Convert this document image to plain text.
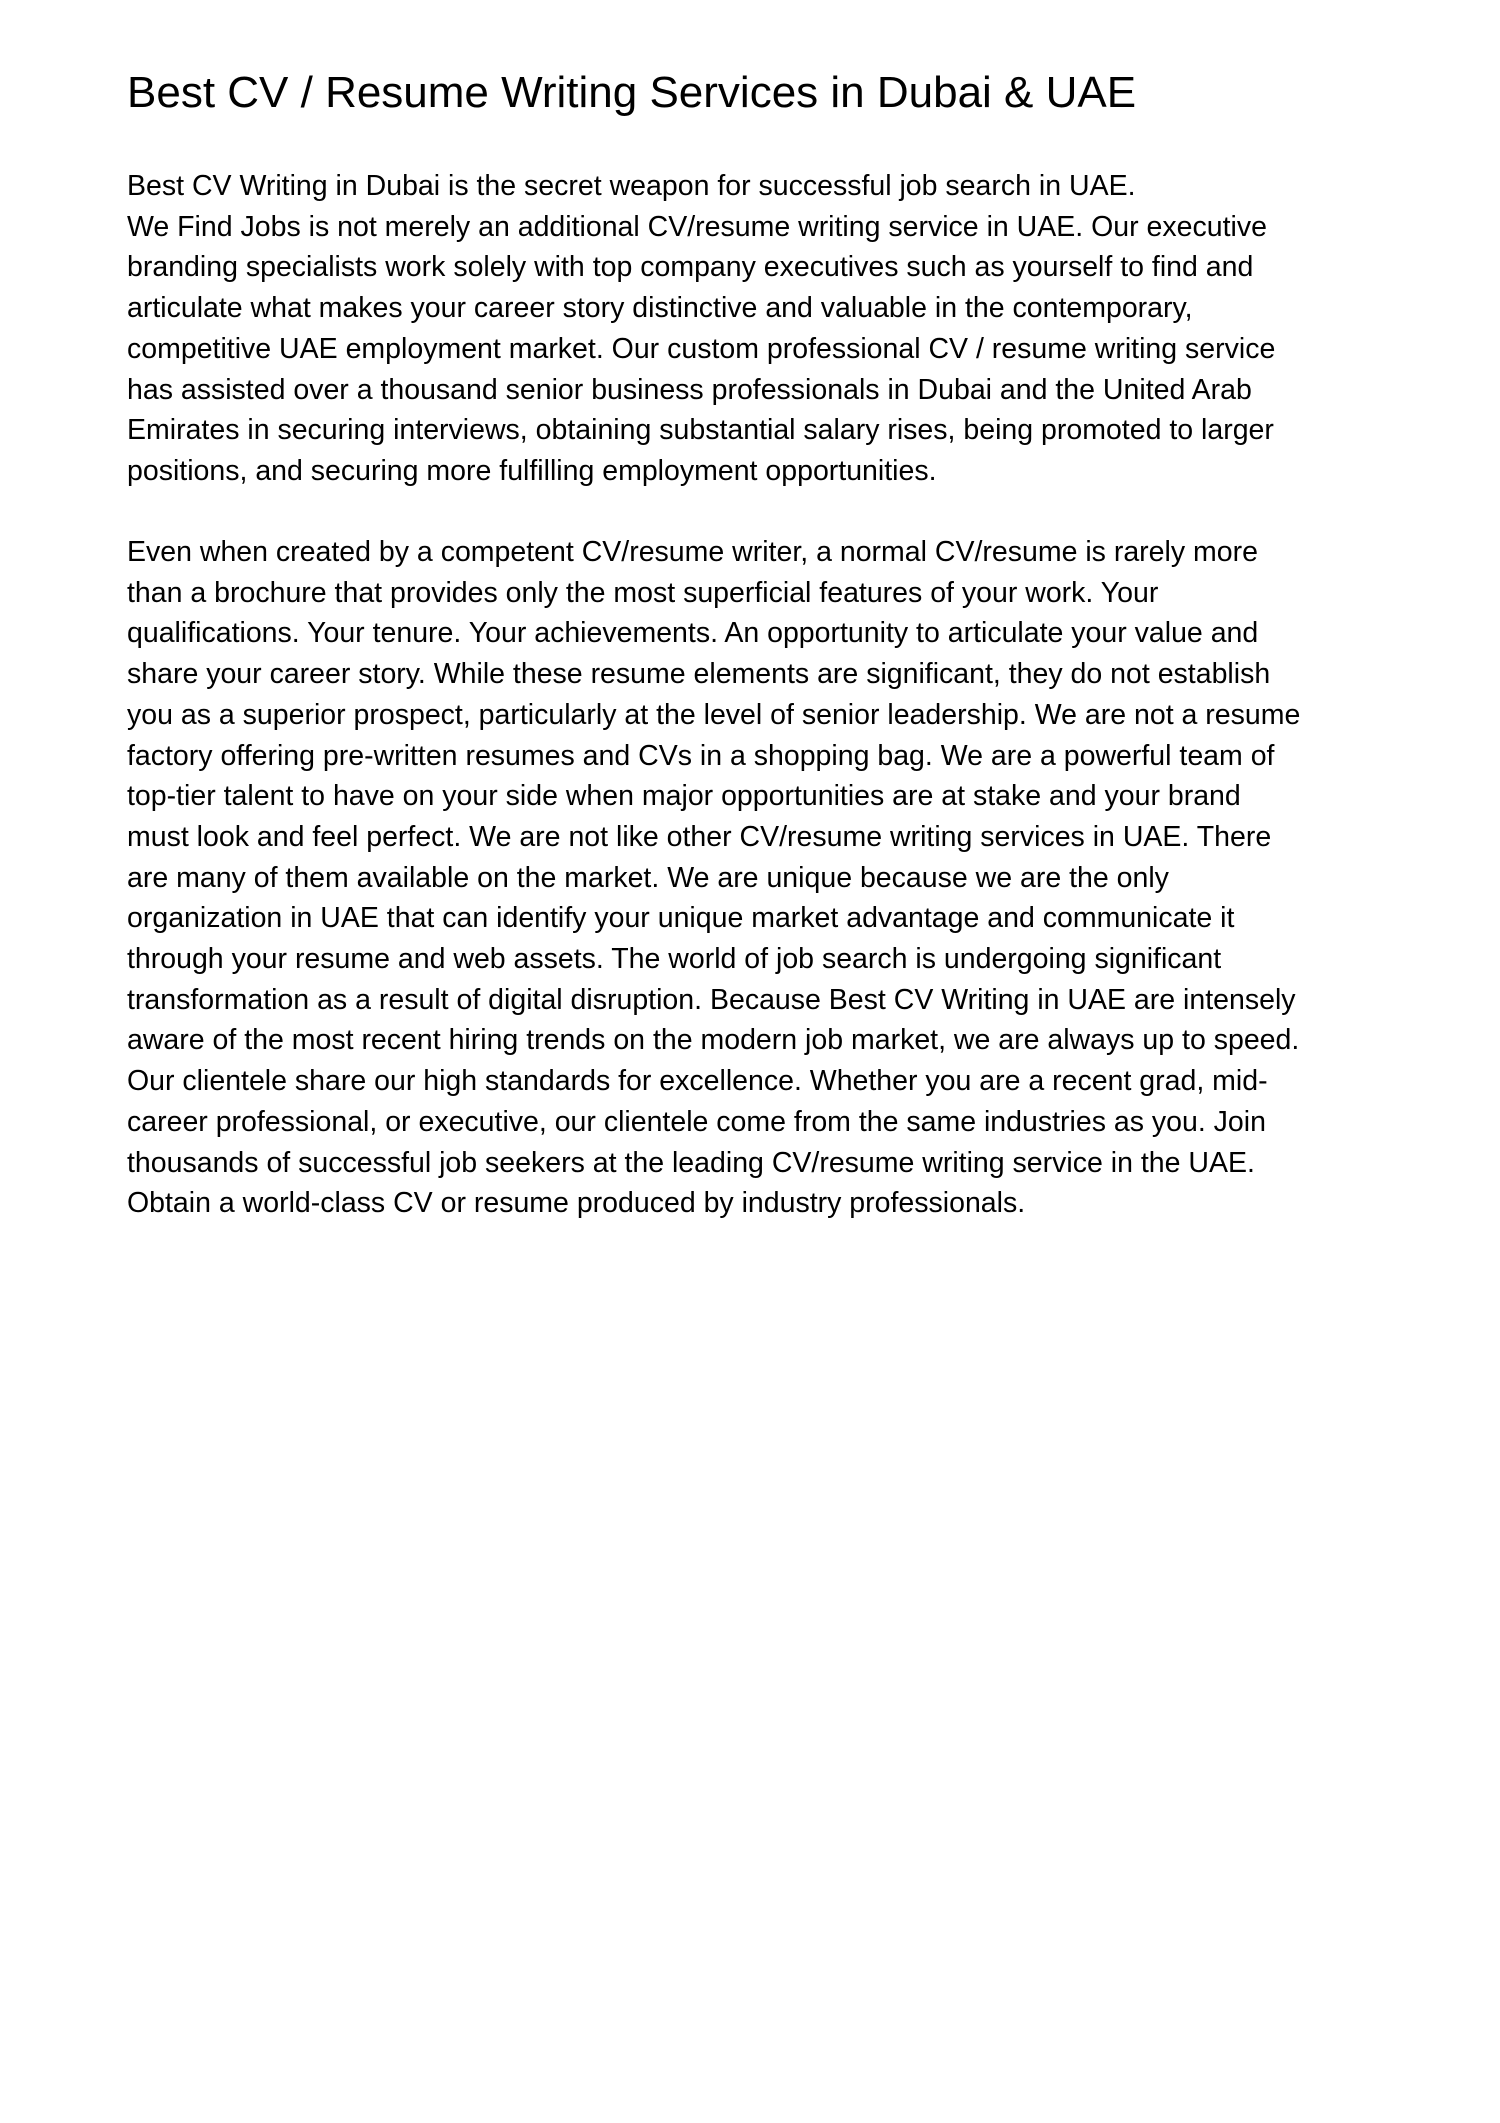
Best CV / Resume Writing Services in Dubai & UAE

Best CV Writing in Dubai is the secret weapon for successful job search in UAE.
We Find Jobs is not merely an additional CV/resume writing service in UAE. Our executive
branding specialists work solely with top company executives such as yourself to find and
articulate what makes your career story distinctive and valuable in the contemporary,
competitive UAE employment market. Our custom professional CV / resume writing service
has assisted over a thousand senior business professionals in Dubai and the United Arab
Emirates in securing interviews, obtaining substantial salary rises, being promoted to larger
positions, and securing more fulfilling employment opportunities.

Even when created by a competent CV/resume writer, a normal CV/resume is rarely more
than a brochure that provides only the most superficial features of your work. Your
qualifications. Your tenure. Your achievements. An opportunity to articulate your value and
share your career story. While these resume elements are significant, they do not establish
you as a superior prospect, particularly at the level of senior leadership. We are not a resume
factory offering pre-written resumes and CVs in a shopping bag. We are a powerful team of
top-tier talent to have on your side when major opportunities are at stake and your brand
must look and feel perfect. We are not like other CV/resume writing services in UAE. There
are many of them available on the market. We are unique because we are the only
organization in UAE that can identify your unique market advantage and communicate it
through your resume and web assets. The world of job search is undergoing significant
transformation as a result of digital disruption. Because Best CV Writing in UAE are intensely
aware of the most recent hiring trends on the modern job market, we are always up to speed.
Our clientele share our high standards for excellence. Whether you are a recent grad, mid-
career professional, or executive, our clientele come from the same industries as you. Join
thousands of successful job seekers at the leading CV/resume writing service in the UAE.
Obtain a world-class CV or resume produced by industry professionals.
